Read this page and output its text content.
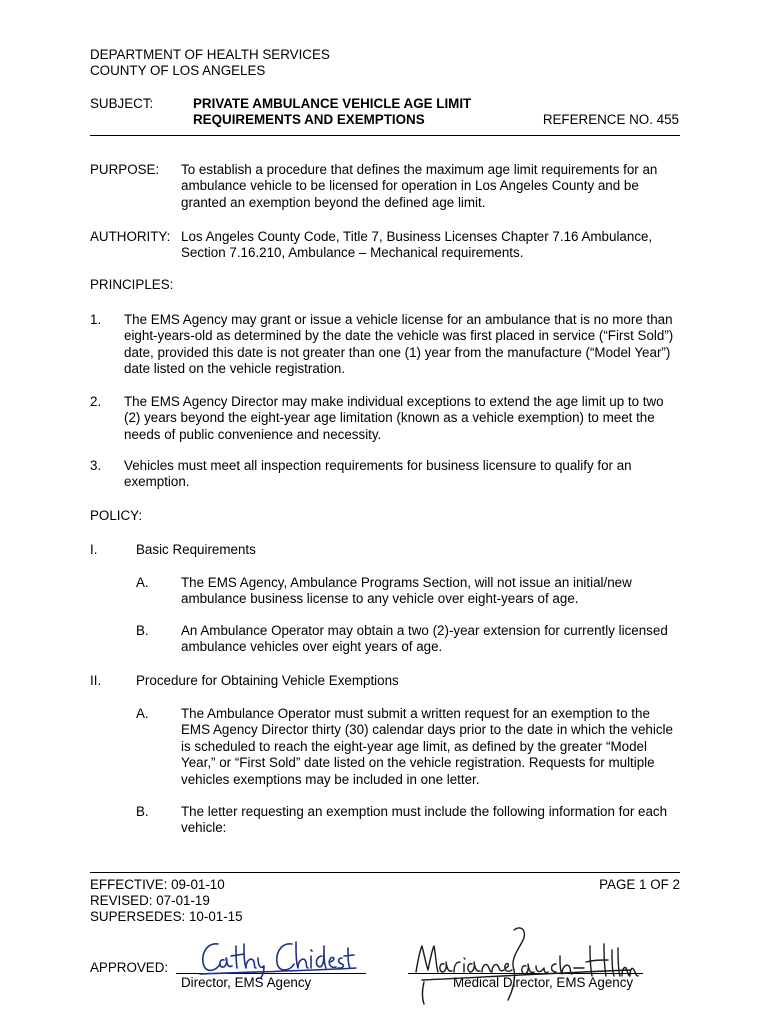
DEPARTMENT OF HEALTH SERVICES
COUNTY OF LOS ANGELES
SUBJECT:	PRIVATE AMBULANCE VEHICLE AGE LIMIT
REQUIREMENTS AND EXEMPTIONS	REFERENCE NO. 455
PURPOSE: To establish a procedure that defines the maximum age limit requirements for an ambulance vehicle to be licensed for operation in Los Angeles County and be granted an exemption beyond the defined age limit.
AUTHORITY: Los Angeles County Code, Title 7, Business Licenses Chapter 7.16 Ambulance, Section 7.16.210, Ambulance – Mechanical requirements.
PRINCIPLES:
1. The EMS Agency may grant or issue a vehicle license for an ambulance that is no more than eight-years-old as determined by the date the vehicle was first placed in service (“First Sold”) date, provided this date is not greater than one (1) year from the manufacture (“Model Year”) date listed on the vehicle registration.
2. The EMS Agency Director may make individual exceptions to extend the age limit up to two (2) years beyond the eight-year age limitation (known as a vehicle exemption) to meet the needs of public convenience and necessity.
3. Vehicles must meet all inspection requirements for business licensure to qualify for an exemption.
POLICY:
I.	Basic Requirements
A. The EMS Agency, Ambulance Programs Section, will not issue an initial/new ambulance business license to any vehicle over eight-years of age.
B. An Ambulance Operator may obtain a two (2)-year extension for currently licensed ambulance vehicles over eight years of age.
II.	Procedure for Obtaining Vehicle Exemptions
A. The Ambulance Operator must submit a written request for an exemption to the EMS Agency Director thirty (30) calendar days prior to the date in which the vehicle is scheduled to reach the eight-year age limit, as defined by the greater “Model Year,” or “First Sold” date listed on the vehicle registration. Requests for multiple vehicles exemptions may be included in one letter.
B. The letter requesting an exemption must include the following information for each vehicle:
EFFECTIVE: 09-01-10
REVISED: 07-01-19
SUPERSEDES: 10-01-15
PAGE 1 OF 2
APPROVED:
Director, EMS Agency	Medical Director, EMS Agency
